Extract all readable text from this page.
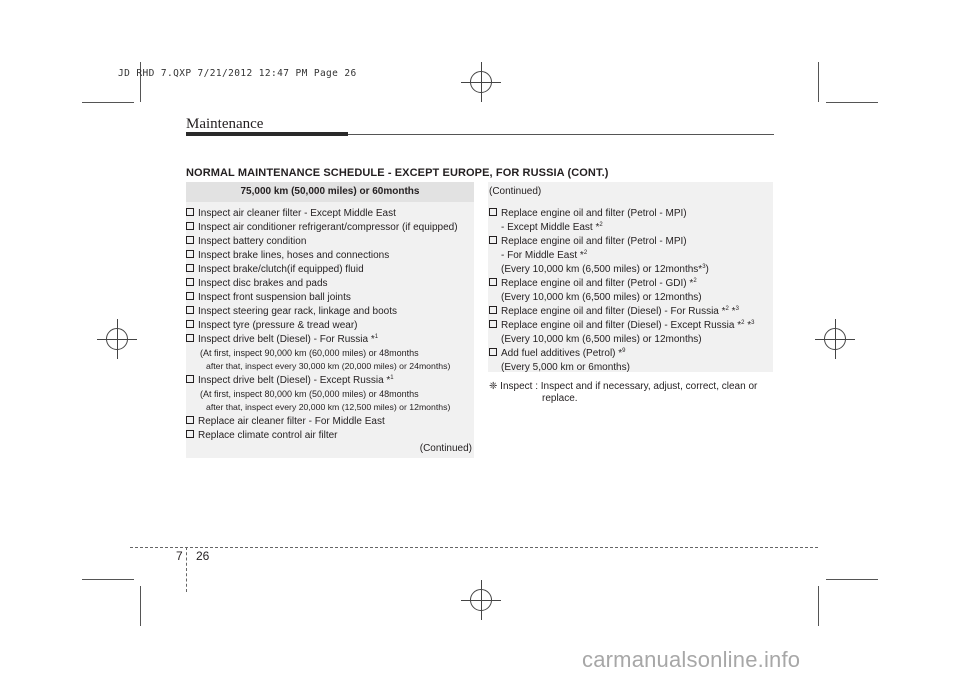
JD RHD 7.QXP 7/21/2012 12:47 PM Page 26
Maintenance
NORMAL MAINTENANCE SCHEDULE - EXCEPT EUROPE, FOR RUSSIA (CONT.)
75,000 km (50,000 miles) or 60months
Inspect air cleaner filter - Except Middle East
Inspect air conditioner refrigerant/compressor (if equipped)
Inspect battery condition
Inspect brake lines, hoses and connections
Inspect brake/clutch(if equipped) fluid
Inspect disc brakes and pads
Inspect front suspension ball joints
Inspect steering gear rack, linkage and boots
Inspect tyre (pressure & tread wear)
Inspect drive belt (Diesel) - For Russia *$^1$
(At first, inspect 90,000 km (60,000 miles) or 48months
after that, inspect every 30,000 km (20,000 miles) or 24months)
Inspect drive belt (Diesel) - Except Russia *$^1$
(At first, inspect 80,000 km (50,000 miles) or 48months
after that, inspect every 20,000 km (12,500 miles) or 12months)
Replace air cleaner filter - For Middle East
Replace climate control air filter
(Continued)
(Continued)
Replace engine oil and filter (Petrol - MPI)
- Except Middle East *$^2$
Replace engine oil and filter (Petrol - MPI)
- For Middle East *$^2$
(Every 10,000 km (6,500 miles) or 12months*$^3$)
Replace engine oil and filter (Petrol - GDI) *$^2$
(Every 10,000 km (6,500 miles) or 12months)
Replace engine oil and filter (Diesel) - For Russia *$^2$ *$^3$
Replace engine oil and filter (Diesel) - Except Russia *$^2$ *$^3$
(Every 10,000 km (6,500 miles) or 12months)
Add fuel additives (Petrol) *$^9$
(Every 5,000 km or 6months)
❈ Inspect : Inspect and if necessary, adjust, correct, clean or
replace.
7 26
carmanualsonline.info
